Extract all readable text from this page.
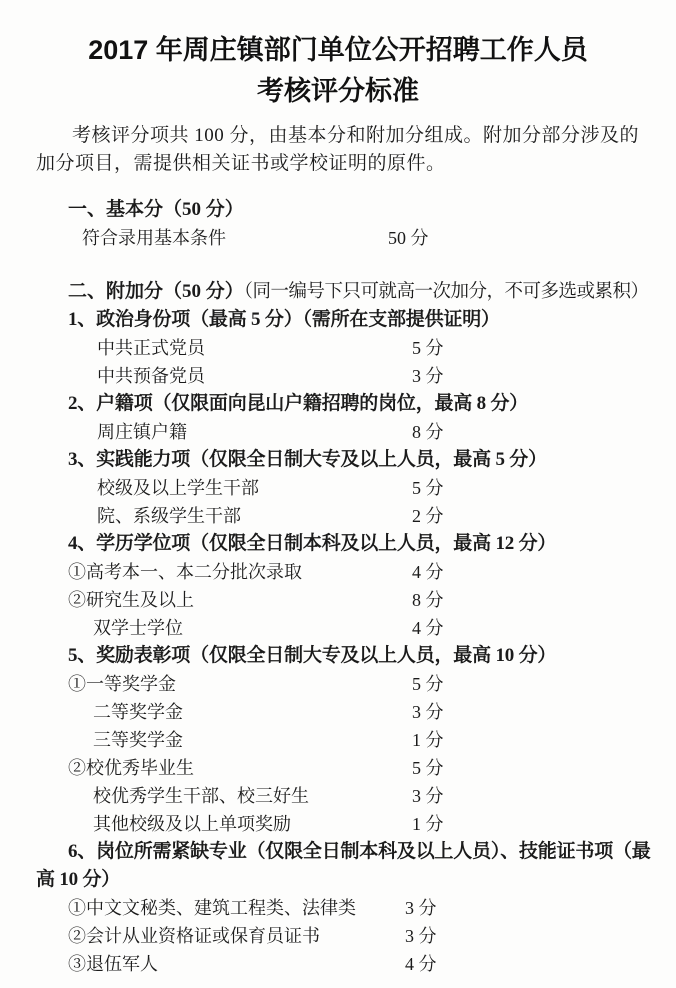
2017 年周庄镇部门单位公开招聘工作人员
考核评分标准

考核评分项共 100 分，由基本分和附加分组成。附加分部分涉及的加分项目，需提供相关证书或学校证明的原件。

一、基本分（50 分）
符合录用基本条件	50 分
二、附加分（50 分）（同一编号下只可就高一次加分，不可多选或累积）
1、政治身份项（最高 5 分）（需所在支部提供证明）
中共正式党员	5 分
中共预备党员	3 分
2、户籍项（仅限面向昆山户籍招聘的岗位，最高 8 分）
周庄镇户籍	8 分
3、实践能力项（仅限全日制大专及以上人员，最高 5 分）
校级及以上学生干部	5 分
院、系级学生干部	2 分
4、学历学位项（仅限全日制本科及以上人员，最高 12 分）
①高考本一、本二分批次录取	4 分
②研究生及以上	8 分
双学士学位	4 分
5、奖励表彰项（仅限全日制大专及以上人员，最高 10 分）
①一等奖学金	5 分
二等奖学金	3 分
三等奖学金	1 分
②校优秀毕业生	5 分
校优秀学生干部、校三好生	3 分
其他校级及以上单项奖励	1 分
6、岗位所需紧缺专业（仅限全日制本科及以上人员）、技能证书项（最
高 10 分）
①中文文秘类、建筑工程类、法律类	3 分
②会计从业资格证或保育员证书	3 分
③退伍军人	4 分
